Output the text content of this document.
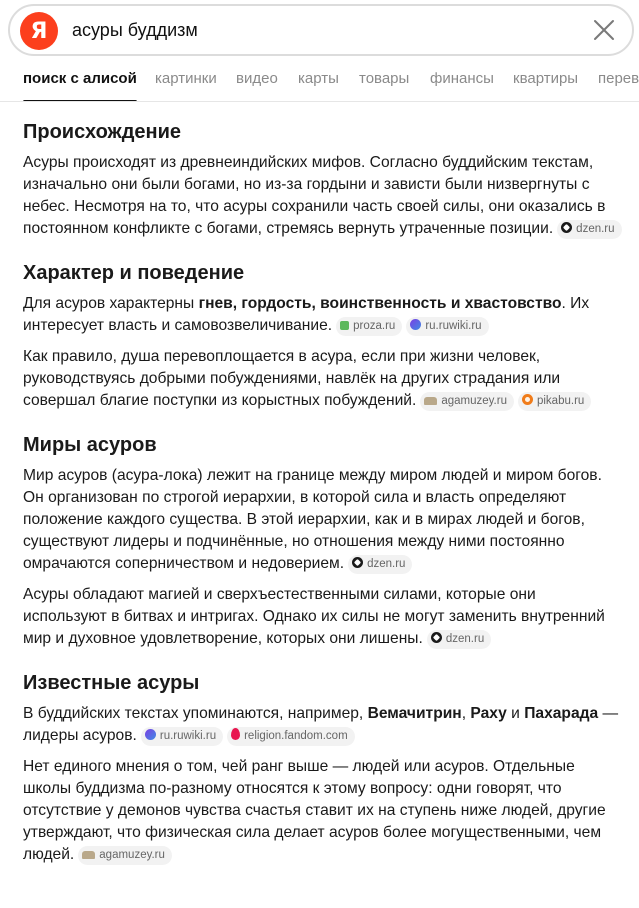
Я	асуры буддизм
поиск с алисой картинки видео карты товары финансы квартиры перев
Происхождение
Асуры происходят из древнеиндийских мифов. Согласно буддийским текстам, изначально они были богами, но из-за гордыни и зависти были низвергнуты с небес. Несмотря на то, что асуры сохранили часть своей силы, они оказались в постоянном конфликте с богами, стремясь вернуть утраченные позиции. dzen.ru
Характер и поведение
Для асуров характерны гнев, гордость, воинственность и хвастовство. Их интересует власть и самовозвеличивание. proza.ru	ru.ruwiki.ru
Как правило, душа перевоплощается в асура, если при жизни человек, руководствуясь добрыми побуждениями, навлёк на других страдания или совершал благие поступки из корыстных побуждений. agamuzey.ru	pikabu.ru
Миры асуров
Мир асуров (асура-лока) лежит на границе между миром людей и миром богов. Он организован по строгой иерархии, в которой сила и власть определяют положение каждого существа. В этой иерархии, как и в мирах людей и богов, существуют лидеры и подчинённые, но отношения между ними постоянно омрачаются соперничеством и недоверием. dzen.ru
Асуры обладают магией и сверхъестественными силами, которые они используют в битвах и интригах. Однако их силы не могут заменить внутренний мир и духовное удовлетворение, которых они лишены. dzen.ru
Известные асуры
В буддийских текстах упоминаются, например, Вемачитрин, Раху и Пахарада — лидеры асуров. ru.ruwiki.ru religion.fandom.com
Нет единого мнения о том, чей ранг выше — людей или асуров. Отдельные школы буддизма по-разному относятся к этому вопросу: одни говорят, что отсутствие у демонов чувства счастья ставит их на ступень ниже людей, другие утверждают, что физическая сила делает асуров более могущественными, чем людей. agamuzey.ru
